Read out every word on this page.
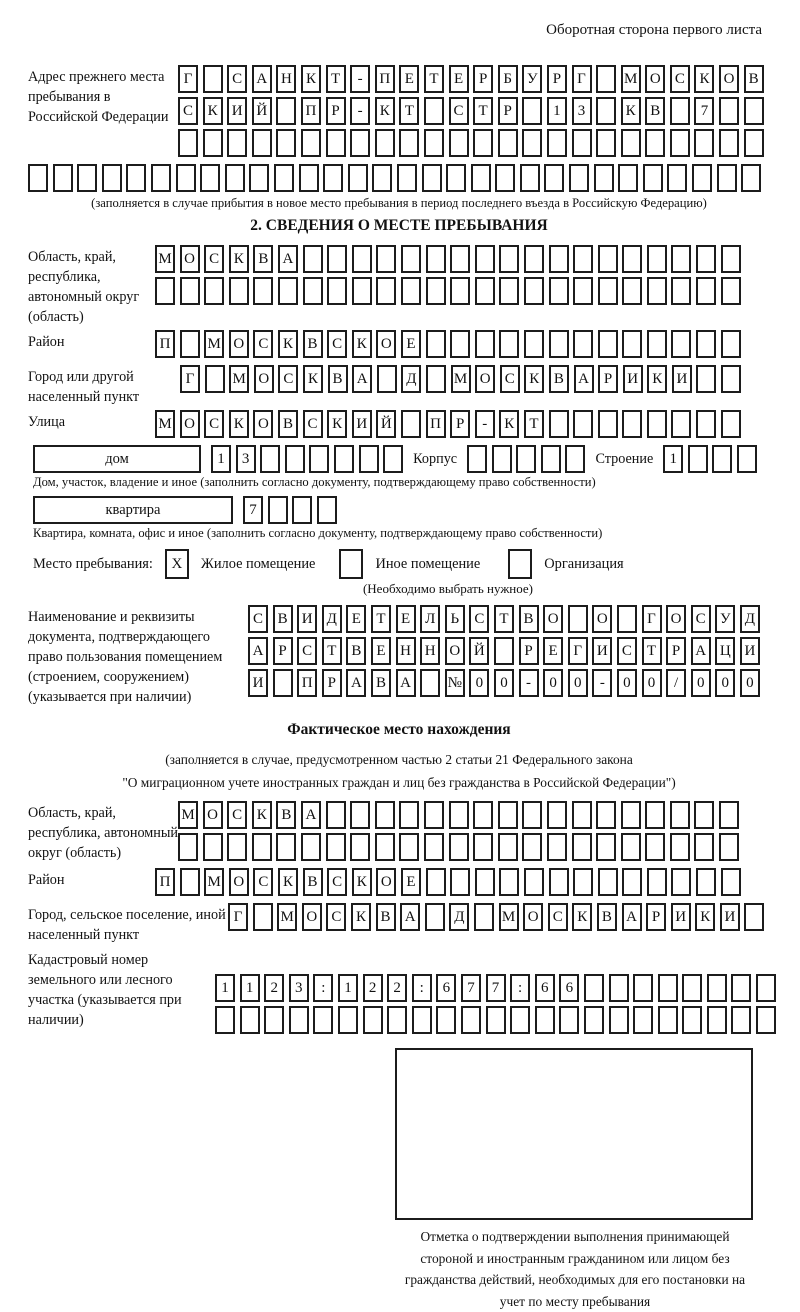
Оборотная сторона первого листа
Адрес прежнего места пребывания в Российской Федерации
Г	С А Н К	Т	-	П Е	Т	Е	Р	Б У	Р	Г	М О С К О В
С К И Й	П	Р	-	К	Т	С	Т	Р	1	3	К В	7
(заполняется в случае прибытия в новое место пребывания в период последнего въезда в Российскую Федерацию)
2. СВЕДЕНИЯ О МЕСТЕ ПРЕБЫВАНИЯ
Область, край, республика, автономный округ (область)
М О С К В А
Район	П	М О С К В С К О Е
Город или другой населенный пункт
Г	М О С К В А	Д	М О С К В А	Р	И К И
Улица	М О С К О В С К И Й	П	Р	-	К	Т
дом	1	3	Корпус	Строение	1
Дом, участок, владение и иное (заполнить согласно документу, подтверждающему право собственности)
квартира	7
Квартира, комната, офис и иное (заполнить согласно документу, подтверждающему право собственности)
Место пребывания:	X	Жилое помещение	Иное помещение	Организация
(Необходимо выбрать нужное)
Наименование и реквизиты документа, подтверждающего право пользования помещением (строением, сооружением) (указывается при наличии)
С В И Д Е	Т	Е Л	Ь	С	Т	В О	О	Г О С У Д
А	Р	С	Т	В	Е Н Н О Й	Р	Е	Г И С	Т	Р	А Ц И
И	П	Р	А В А	№ 0	0	-	0	0	-	0	0	/	0	0	0
Фактическое место нахождения
(заполняется в случае, предусмотренном частью 2 статьи 21 Федерального закона
"О миграционном учете иностранных граждан и лиц без гражданства в Российской Федерации")
Область, край, республика, автономный округ (область)
М О С К В А
Район	П	М О С К В С К О Е
Город, сельское поселение, иной населенный пункт
Г	М О С К В А	Д	М О С К В А	Р	И К И
Кадастровый номер земельного или лесного участка (указывается при наличии)
1	1	2	3	:	1	2	2	:	6	7	7	:	6	6
Отметка о подтверждении выполнения принимающей стороной и иностранным гражданином или лицом без гражданства действий, необходимых для его постановки на учет по месту пребывания
